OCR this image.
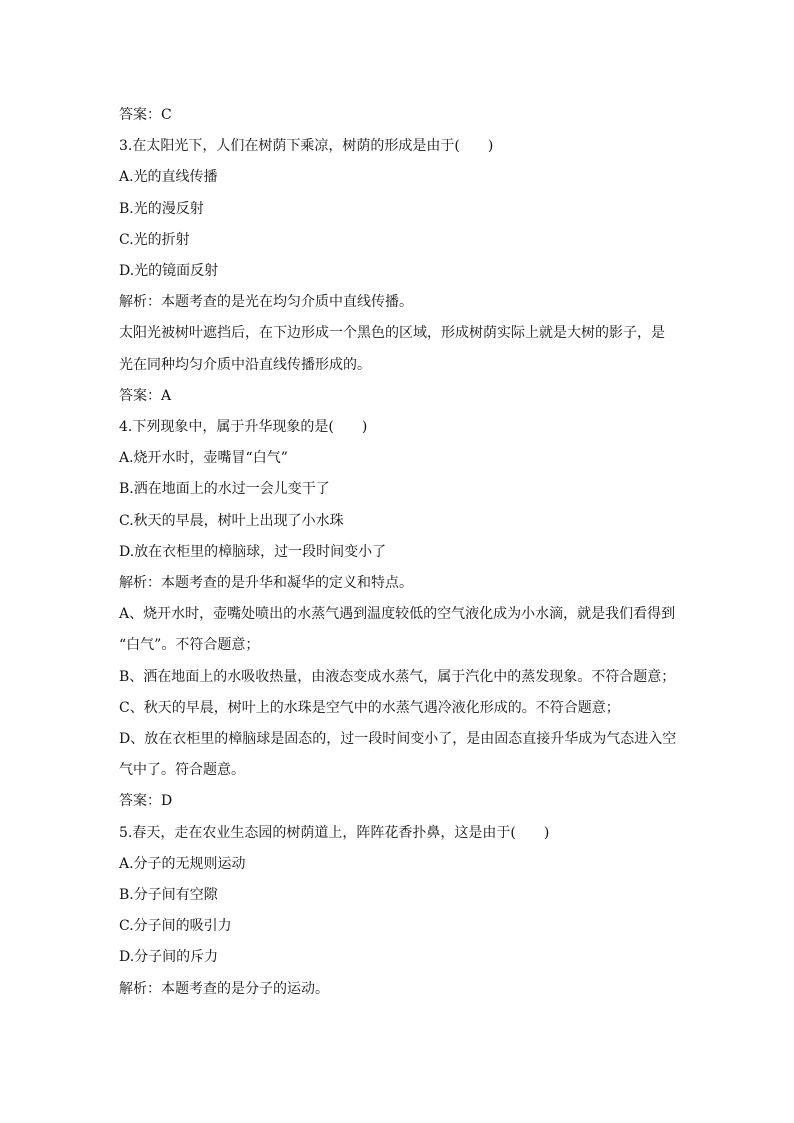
答案：C
3.在太阳光下，人们在树荫下乘凉，树荫的形成是由于(　　)
A.光的直线传播
B.光的漫反射
C.光的折射
D.光的镜面反射
解析：本题考查的是光在均匀介质中直线传播。
太阳光被树叶遮挡后，在下边形成一个黑色的区域，形成树荫实际上就是大树的影子，是
光在同种均匀介质中沿直线传播形成的。
答案：A
4.下列现象中，属于升华现象的是(　　)
A.烧开水时，壶嘴冒“白气”
B.洒在地面上的水过一会儿变干了
C.秋天的早晨，树叶上出现了小水珠
D.放在衣柜里的樟脑球，过一段时间变小了
解析：本题考查的是升华和凝华的定义和特点。
A、烧开水时，壶嘴处喷出的水蒸气遇到温度较低的空气液化成为小水滴，就是我们看得到
“白气”。不符合题意；
B、洒在地面上的水吸收热量，由液态变成水蒸气，属于汽化中的蒸发现象。不符合题意；
C、秋天的早晨，树叶上的水珠是空气中的水蒸气遇冷液化形成的。不符合题意；
D、放在衣柜里的樟脑球是固态的，过一段时间变小了，是由固态直接升华成为气态进入空
气中了。符合题意。
答案：D
5.春天，走在农业生态园的树荫道上，阵阵花香扑鼻，这是由于(　　)
A.分子的无规则运动
B.分子间有空隙
C.分子间的吸引力
D.分子间的斥力
解析：本题考查的是分子的运动。
